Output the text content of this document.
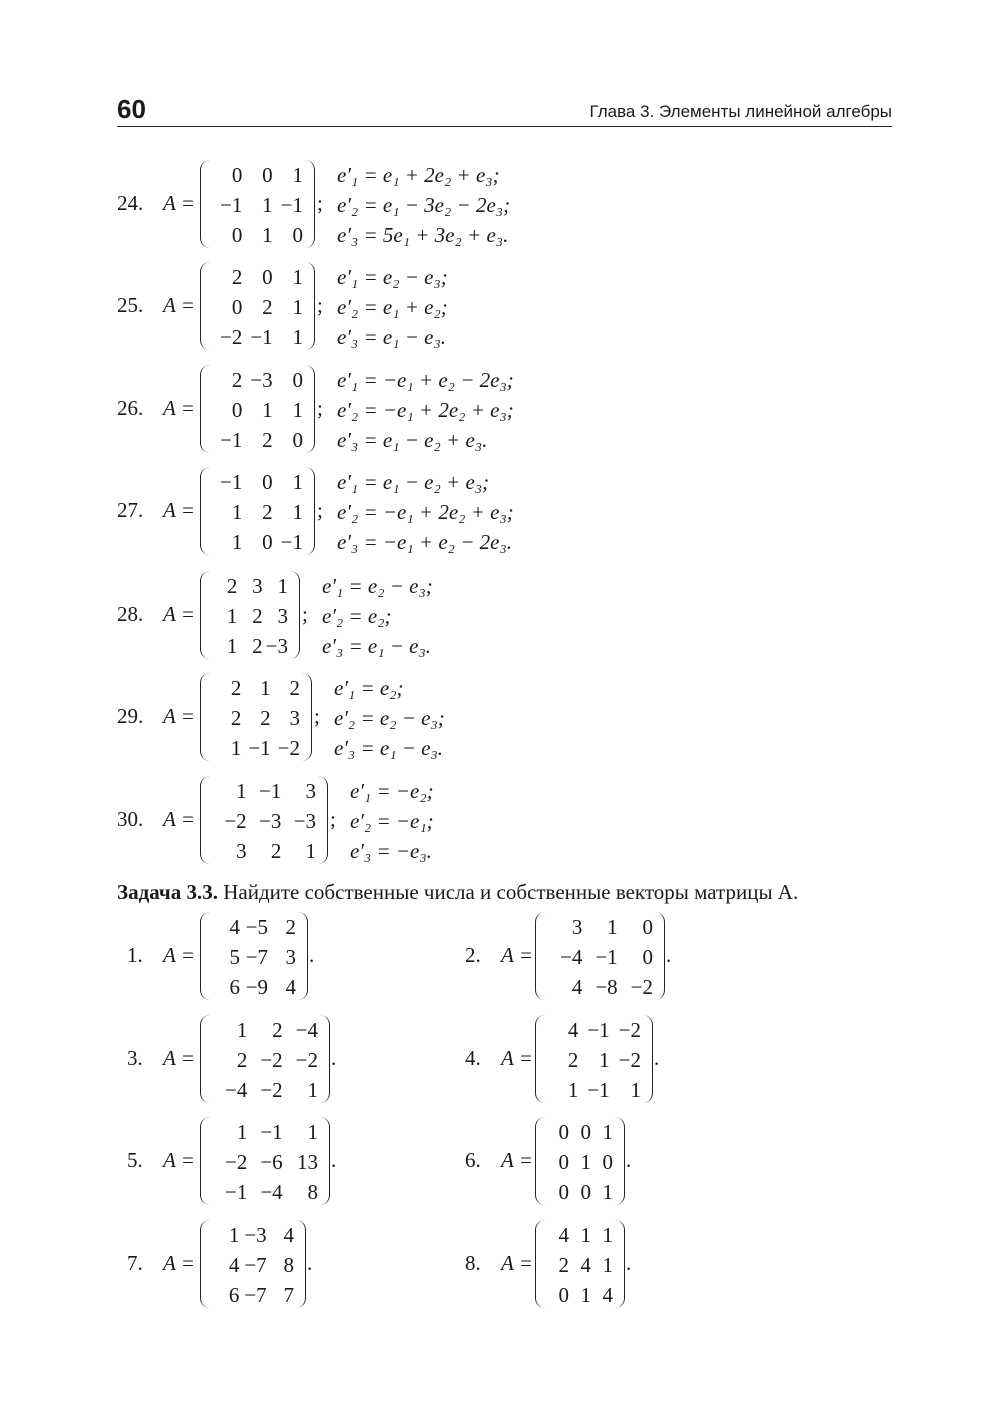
60	Глава 3. Элементы линейной алгебры
24. A =
0 0 1
−1 1 −1
0 1 0
;
e′₁ = e₁ + 2e₂ + e₃;
e′₂ = e₁ − 3e₂ − 2e₃;
e′₃ = 5e₁ + 3e₂ + e₃.
25. A =
2 0 1
0 2 1
−2 −1 1
;
e′₁ = e₂ − e₃;
e′₂ = e₁ + e₂;
e′₃ = e₁ − e₃.
26. A =
2 −3 0
0 1 1
−1 2 0
;
e′₁ = −e₁ + e₂ − 2e₃;
e′₂ = −e₁ + 2e₂ + e₃;
e′₃ = e₁ − e₂ + e₃.
27. A =
−1 0 1
1 2 1
1 0 −1
;
e′₁ = e₁ − e₂ + e₃;
e′₂ = −e₁ + 2e₂ + e₃;
e′₃ = −e₁ + e₂ − 2e₃.
28. A =
2 3 1
1 2 3
1 2 −3
;
e′₁ = e₂ − e₃;
e′₂ = e₂;
e′₃ = e₁ − e₃.
29. A =
2 1 2
2 2 3
1 −1 −2
;
e′₁ = e₂;
e′₂ = e₂ − e₃;
e′₃ = e₁ − e₃.
30. A =
1 −1	3
−2 −3 −3
3	2	1
;
e′₁ = −e₂;
e′₂ = −e₁;
e′₃ = −e₃.
1. A =
4 −5 2
5 −7 3
6 −9 4
.	2. A =
3	1	0
−4 −1	0
4 −8 −2
.
3. A =
1	2 −4
2 −2 −2
−4 −2	1
.	4. A =
4 −1 −2
2 1 −2
1 −1 1
.
5. A =
1 −1	1
−2 −6 13
−1 −4	8
.	6. A =
0 0 1
0 1 0
0 0 1
.
7. A =
1 −3 4
4 −7 8
6 −7 7
.	8. A =
4 1 1
2 4 1
0 1 4
.
Задача 3.3. Найдите собственные числа и собственные векторы матрицы A.
